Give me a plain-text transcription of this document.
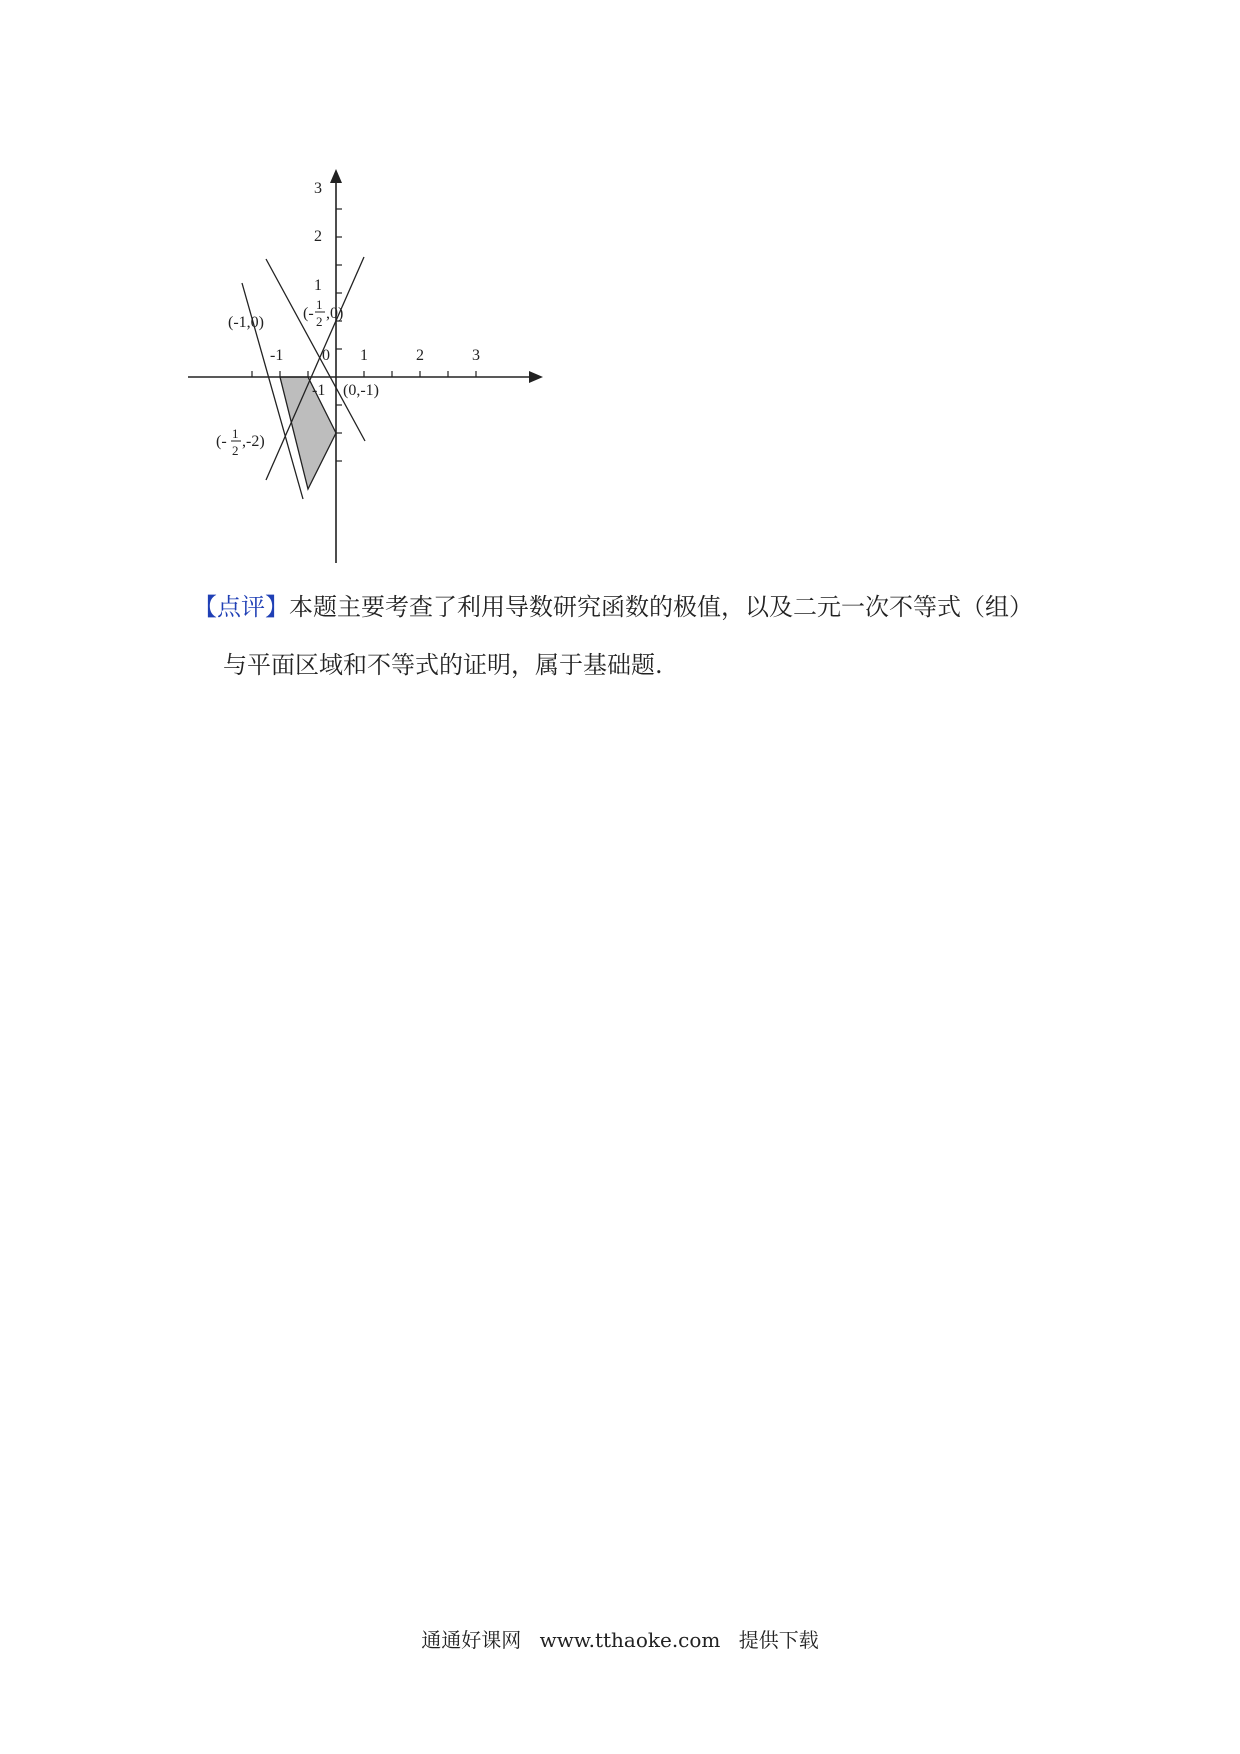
-1 0 1	2	3
3
2
1
-1
(-1,0)
(-
1
2 ,0)
(0,-1)
(- 1
2
,-2)
【点评】本题主要考查了利用导数研究函数的极值，以及二元一次不等式（组）
与平面区域和不等式的证明，属于基础题.
通通好课网 www.tthaoke.com 提供下载
